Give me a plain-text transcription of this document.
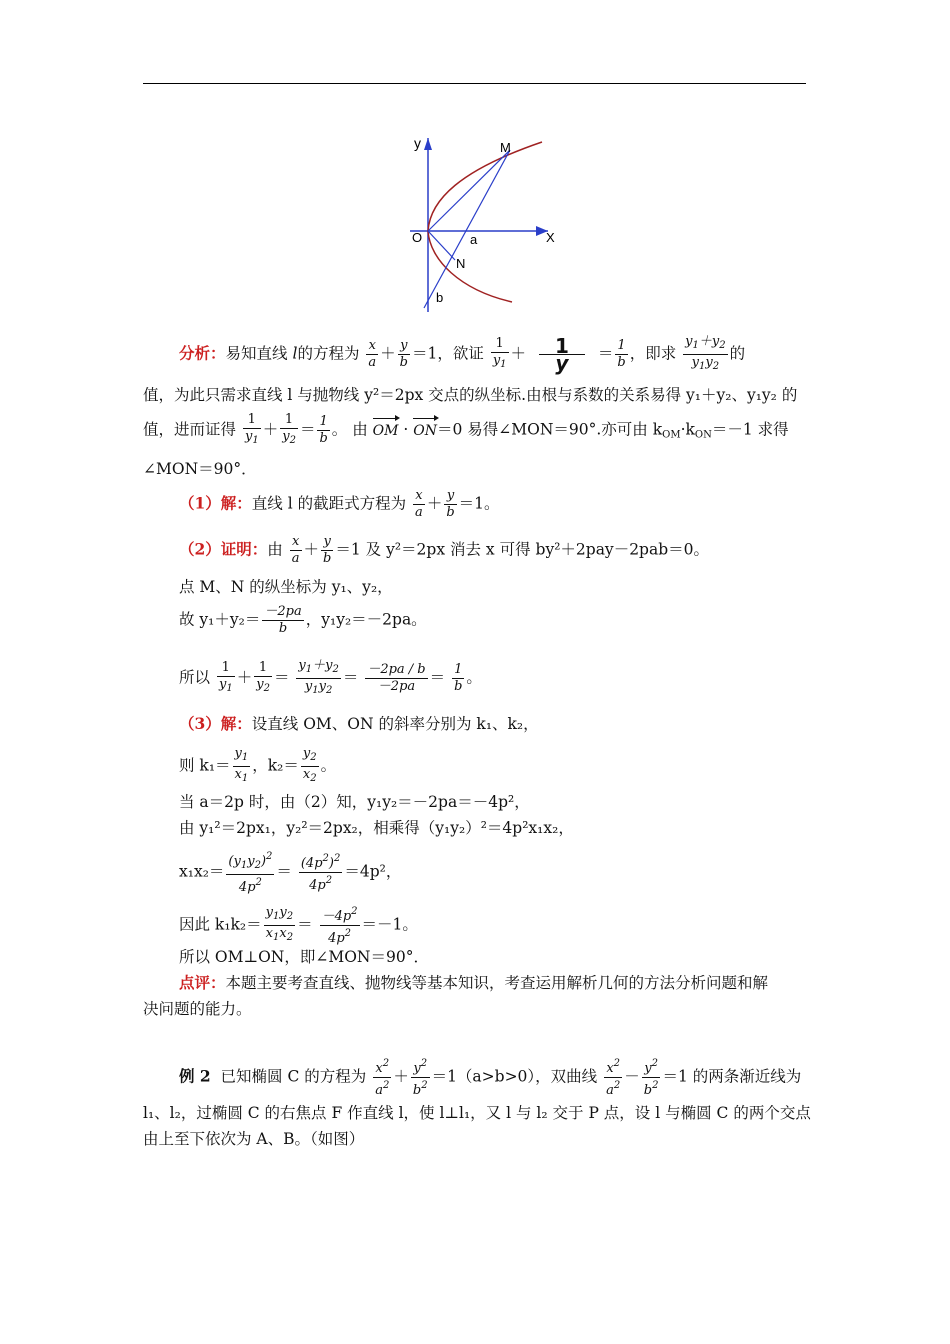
y
X
O	a
M
N
b
分析：易知直线 l的方程为 $\frac{x}{a} + \frac{y}{b} =1$，欲证 $\frac{1}{y_1} + \frac{1}{y} = \frac{1}{b}$ ，即求 $\frac{y_1+y_2}{y_1y_2}$ 的
值，为此只需求直线 l 与抛物线 y²＝2px 交点的纵坐标.由根与系数的关系易得 y₁＋y₂、y₁y₂ 的
值，进而证得 $\frac{1}{y_1} + \frac{1}{y_2} = \frac{1}{b}$ 。 由 OM · ON＝0 易得∠MON＝90°.亦可由 $k_{OM}\cdot k_{ON}=-1$ 求得
∠MON＝90°．
（1）解：直线 l 的截距式方程为 $\frac{x}{a} + \frac{y}{b} =1$。
（2）证明：由 $\frac{x}{a} + \frac{y}{b} =1$ 及 y²＝2px 消去 x 可得 by²＋2pay－2pab＝0。
点 M、N 的纵坐标为 y₁、y₂，
故 $y_1+y_2= \frac{-2pa}{b}$ ，y₁y₂＝－2pa。
所以 $\frac{1}{y_1} + \frac{1}{y_2} = \frac{y_1+y_2}{y_1y_2} = \frac{-2pa / b}{-2pa} = \frac{1}{b}$ 。
（3）解：设直线 OM、ON 的斜率分别为 k₁、k₂，
则 $k_1= \frac{y_1}{x_1}$ ，$k_2= \frac{y_2}{x_2}$ 。
当 a＝2p 时，由（2）知，y₁y₂＝－2pa＝－4p²，
由 y₁²＝2px₁，y₂²＝2px₂，相乘得（y₁y₂）²＝4p²x₁x₂，
$x_1x_2= \frac{(y_1y_2)^2}{4p^2} = \frac{(4p^2)^2}{4p^2} =4p^2$，
因此 $k_1k_2= \frac{y_1y_2}{x_1x_2} = \frac{-4p^2}{4p^2} =-1$。
所以 OM⊥ON，即∠MON＝90°．
点评：本题主要考查直线、抛物线等基本知识，考查运用解析几何的方法分析问题和解
决问题的能力。
例 2 已知椭圆 C 的方程为 $\frac{x^2}{a^2} + \frac{y^2}{b^2} =1(a>b>0)$，双曲线 $\frac{x^2}{a^2} - \frac{y^2}{b^2} =1$ 的两条渐近线为
l₁、l₂，过椭圆 C 的右焦点 F 作直线 l，使 l⊥l₁，又 l 与 l₂ 交于 P 点，设 l 与椭圆 C 的两个交点
由上至下依次为 A、B。（如图）
